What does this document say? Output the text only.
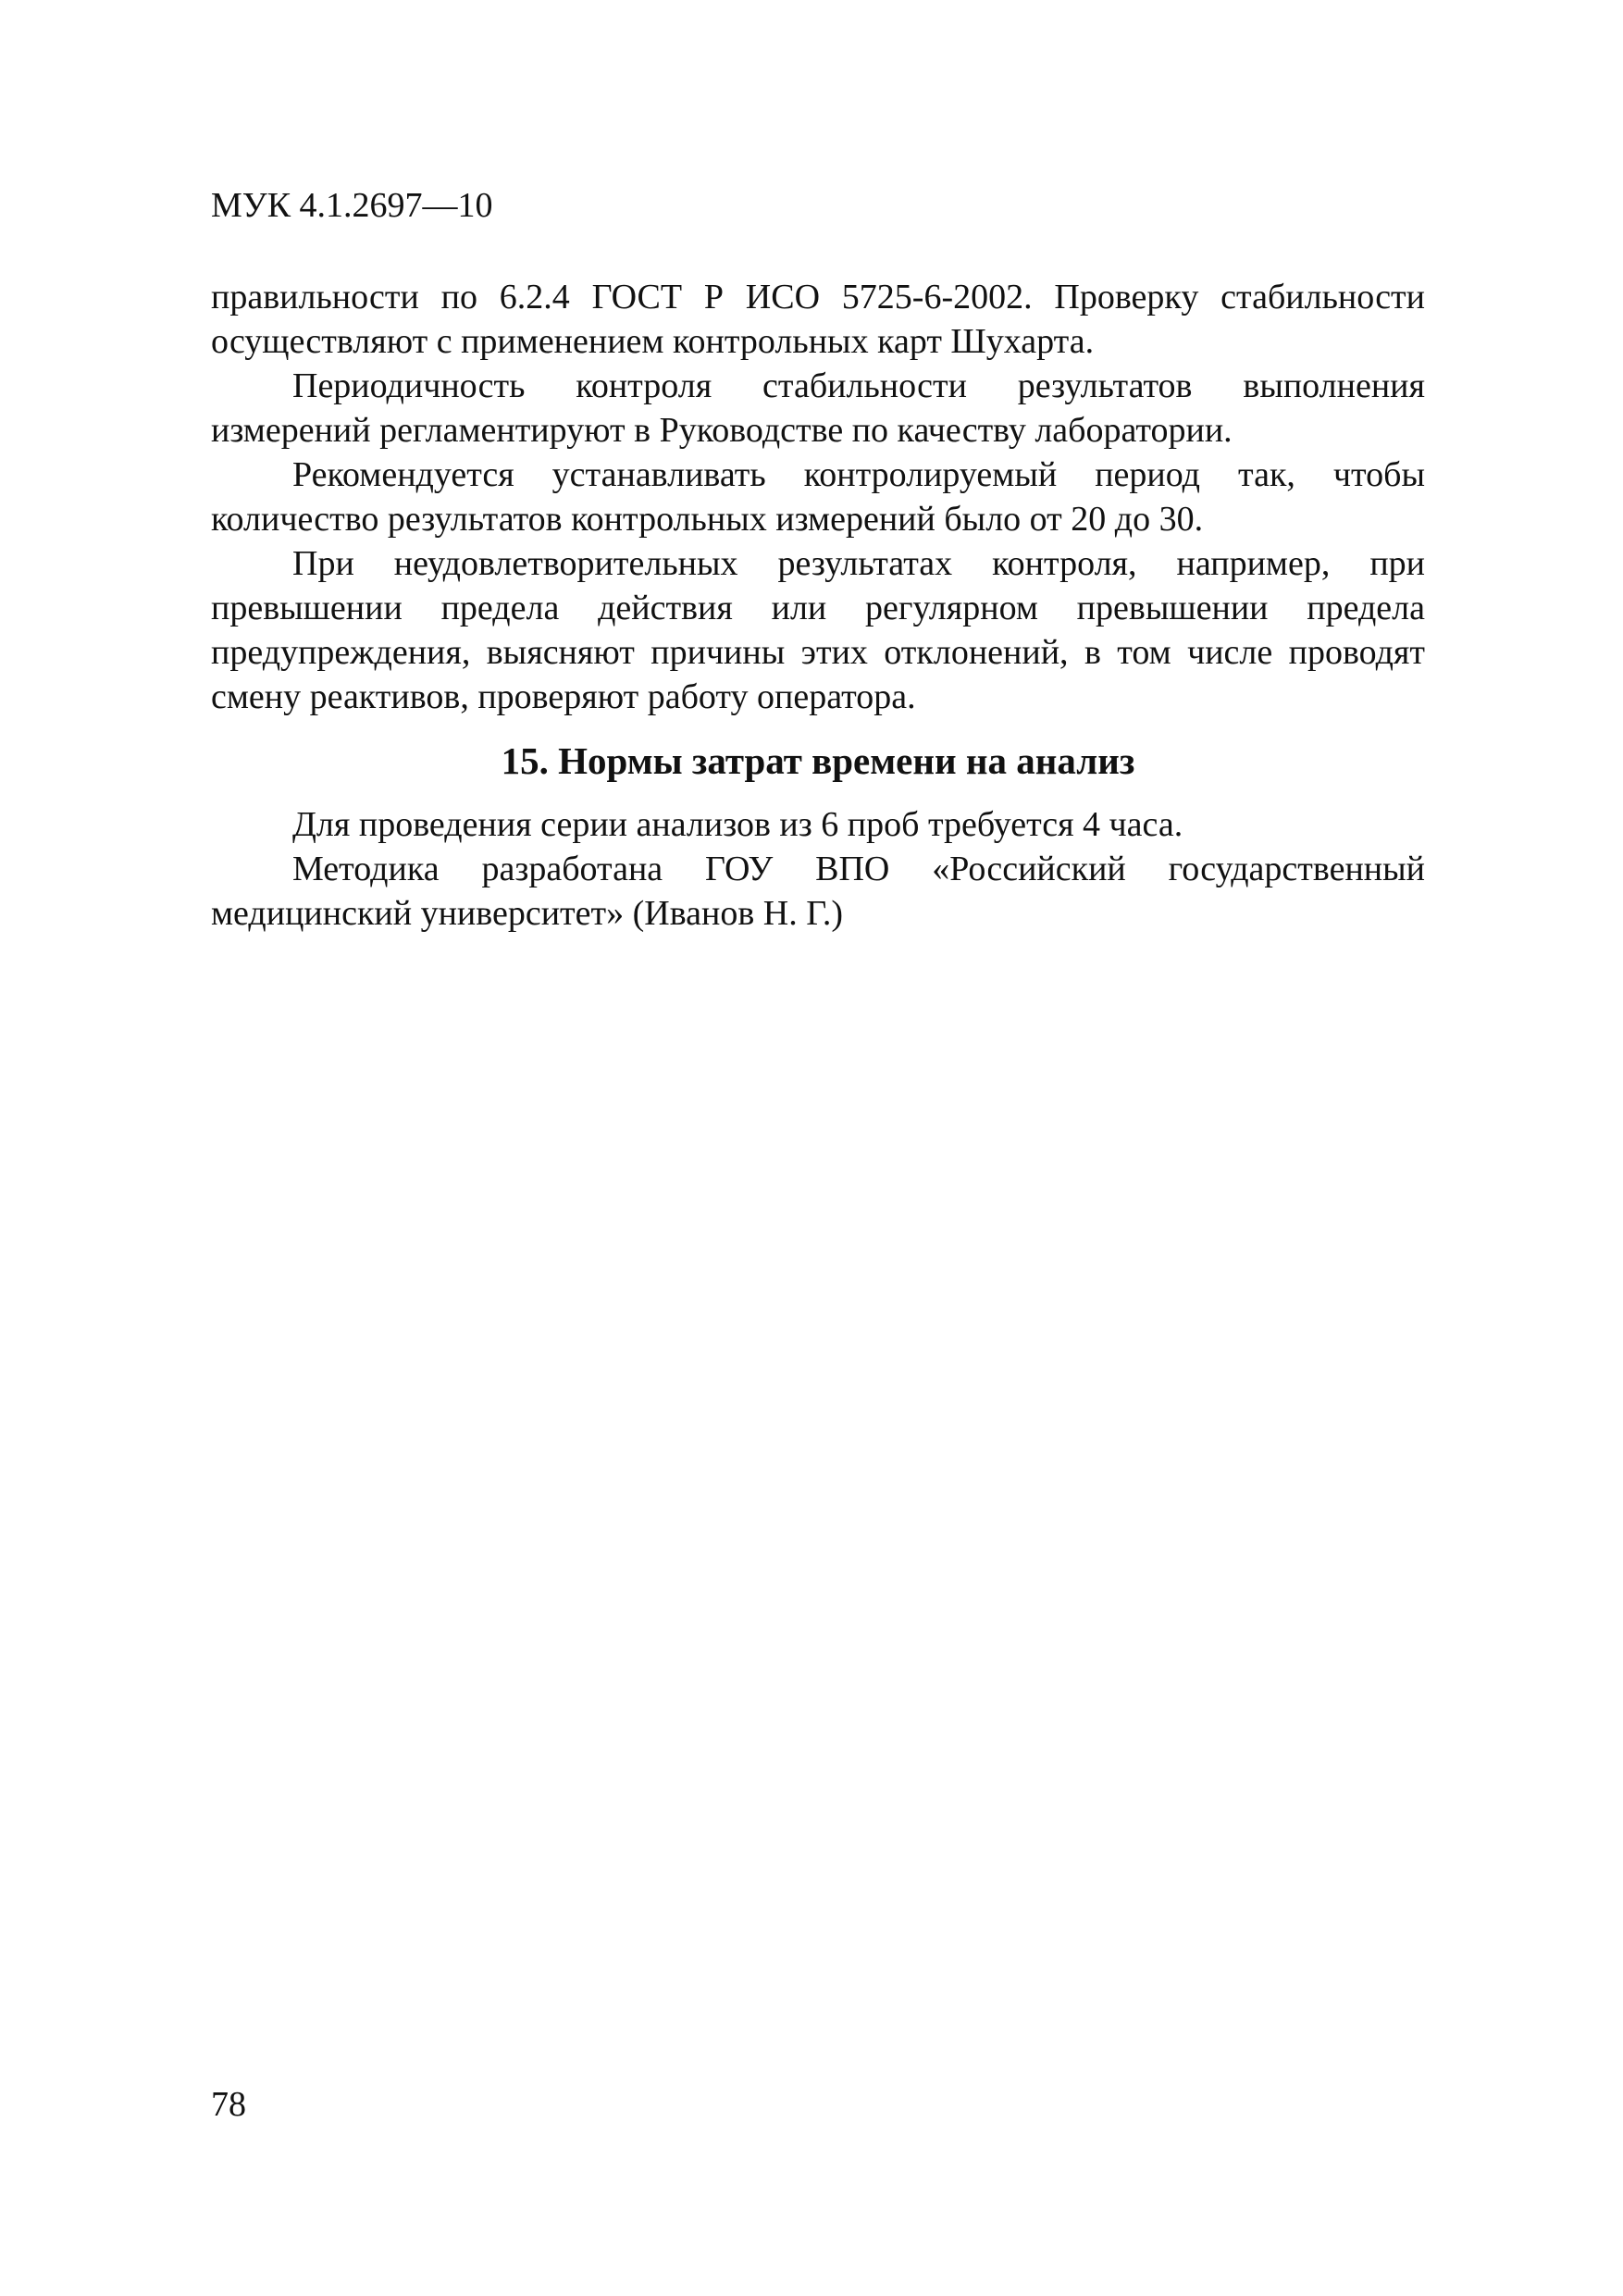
МУК 4.1.2697—10

правильности по 6.2.4 ГОСТ Р ИСО 5725-6-2002. Проверку стабильности осуществляют с применением контрольных карт Шухарта.

Периодичность контроля стабильности результатов выполнения измерений регламентируют в Руководстве по качеству лаборатории.

Рекомендуется устанавливать контролируемый период так, чтобы количество результатов контрольных измерений было от 20 до 30.

При неудовлетворительных результатах контроля, например, при превышении предела действия или регулярном превышении предела предупреждения, выясняют причины этих отклонений, в том числе проводят смену реактивов, проверяют работу оператора.

15. Нормы затрат времени на анализ

Для проведения серии анализов из 6 проб требуется 4 часа.

Методика разработана ГОУ ВПО «Российский государственный медицинский университет» (Иванов Н. Г.)

78
